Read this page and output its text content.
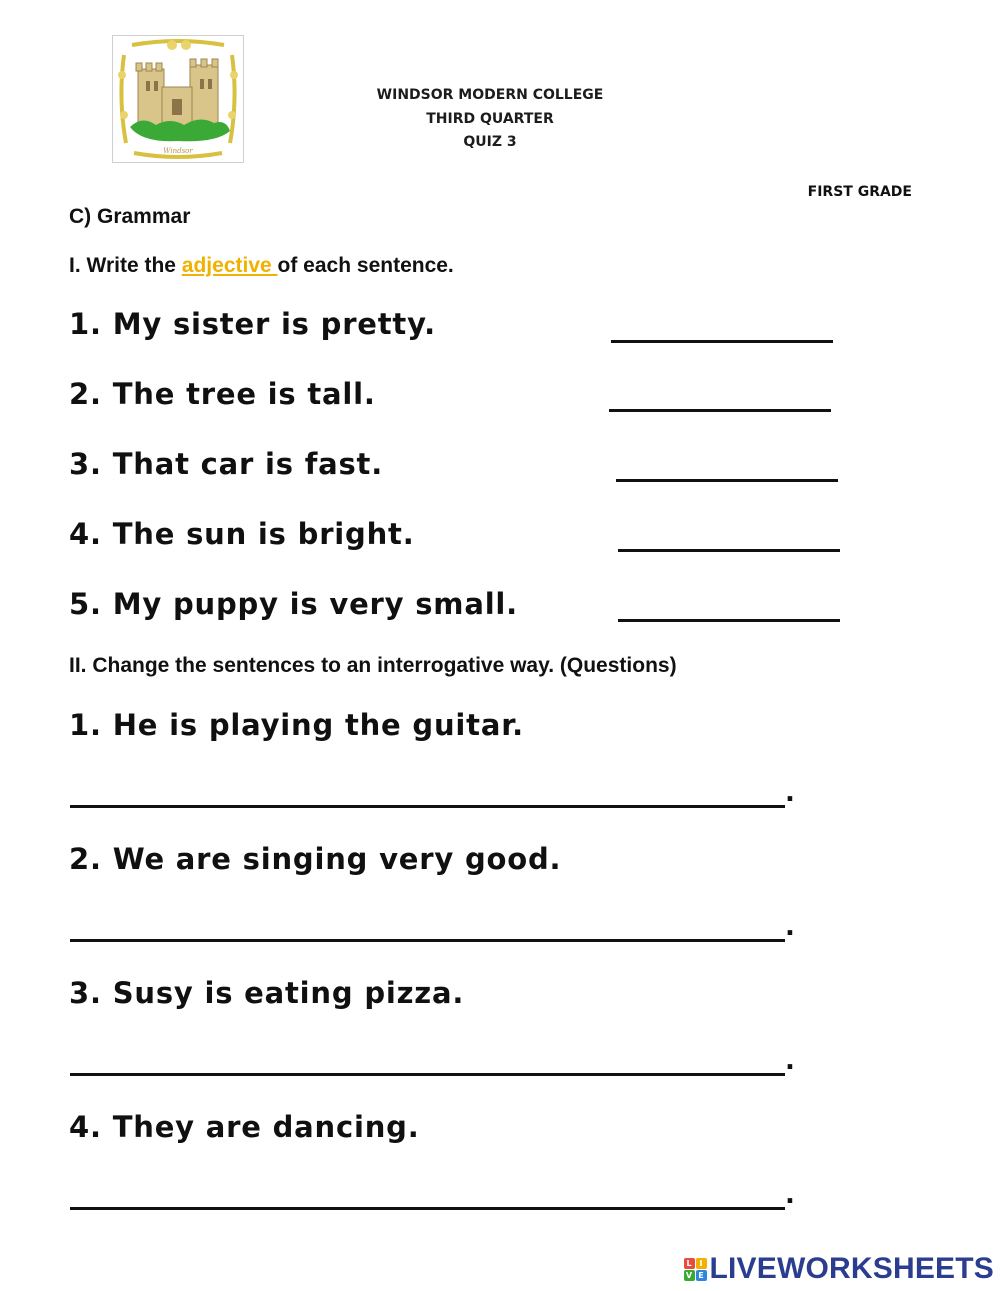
Windsor
WINDSOR MODERN COLLEGE
THIRD QUARTER
QUIZ 3
FIRST GRADE
C) Grammar
I. Write the adjective of each sentence.
1. My sister is pretty.
2. The tree is tall.
3. That car is fast.
4. The sun is bright.
5. My puppy is very small.
II. Change the sentences to an interrogative way. (Questions)
1. He is playing the guitar.
.
2. We are singing very good.
.
3. Susy is eating pizza.
.
4. They are dancing.
.
L I
V E LIVEWORKSHEETS
